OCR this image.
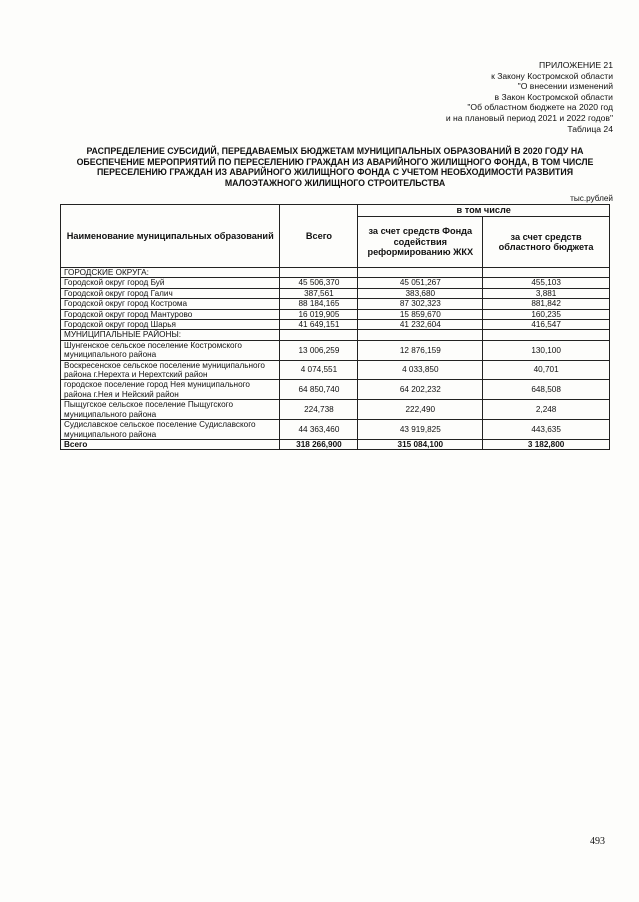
ПРИЛОЖЕНИЕ 21
к Закону Костромской области
"О внесении изменений
в Закон Костромской области
"Об областном бюджете на 2020 год
и на плановый период 2021 и 2022 годов"
Таблица 24
РАСПРЕДЕЛЕНИЕ СУБСИДИЙ, ПЕРЕДАВАЕМЫХ БЮДЖЕТАМ МУНИЦИПАЛЬНЫХ ОБРАЗОВАНИЙ В 2020 ГОДУ НА ОБЕСПЕЧЕНИЕ МЕРОПРИЯТИЙ ПО ПЕРЕСЕЛЕНИЮ ГРАЖДАН ИЗ АВАРИЙНОГО ЖИЛИЩНОГО ФОНДА, В ТОМ ЧИСЛЕ ПЕРЕСЕЛЕНИЮ ГРАЖДАН ИЗ АВАРИЙНОГО ЖИЛИЩНОГО ФОНДА С УЧЕТОМ НЕОБХОДИМОСТИ РАЗВИТИЯ МАЛОЭТАЖНОГО ЖИЛИЩНОГО СТРОИТЕЛЬСТВА
тыс.рублей
Наименование муниципальных образований	Всего	в том числе	
		за счет средств Фонда содействия реформированию ЖКХ	за счет средств областного бюджета
ГОРОДСКИЕ ОКРУГА:			
Городской округ город Буй	45 506,370	45 051,267	455,103
Городской округ город Галич	387,561	383,680	3,881
Городской округ город Кострома	88 184,165	87 302,323	881,842
Городской округ город Мантурово	16 019,905	15 859,670	160,235
Городской округ город Шарья	41 649,151	41 232,604	416,547
МУНИЦИПАЛЬНЫЕ РАЙОНЫ:			
Шунгенское сельское поселение Костромского муниципального района	13 006,259	12 876,159	130,100
Воскресенское сельское поселение муниципального района г.Нерехта и Нерехтский район	4 074,551	4 033,850	40,701
городское поселение город Нея муниципального района г.Нея и Нейский район	64 850,740	64 202,232	648,508
Пыщугское сельское поселение Пыщугского муниципального района	224,738	222,490	2,248
Судиславское сельское поселение Судиславского муниципального района	44 363,460	43 919,825	443,635
Всего	318 266,900	315 084,100	3 182,800
493
